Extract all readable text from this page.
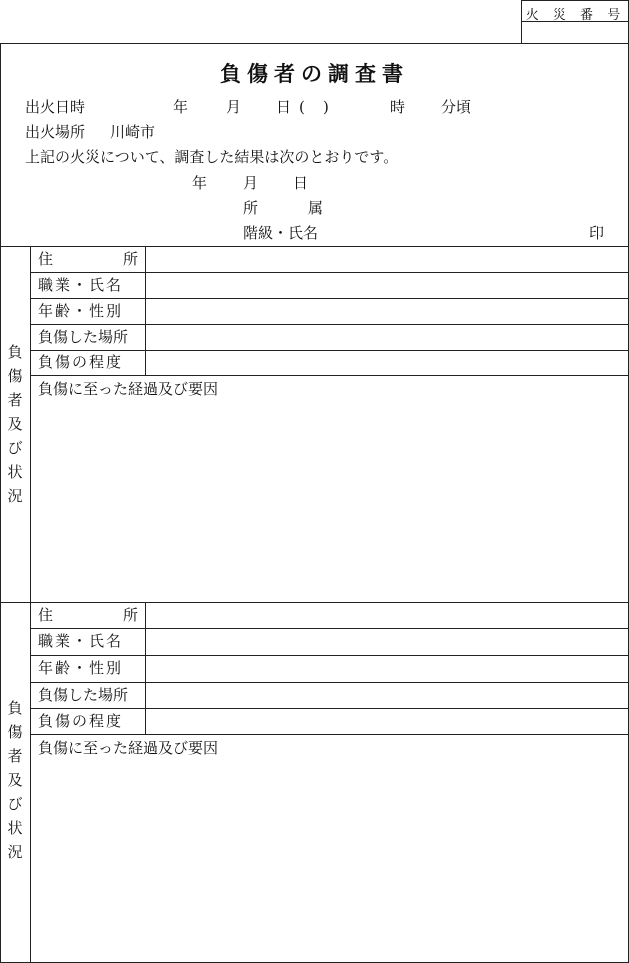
火 災 番 号
負傷者の調査書
出火日時	年	月 日 ( )	時 分頃
出火場所 川崎市
上記の火災について、調査した結果は次のとおりです。
年 月 日
所	属
階級・氏名	印
負
傷
者
及
び
状
況
住	所
職業・氏名
年齢・性別
負傷した場所
負傷の程度
負傷に至った経過及び要因
負
傷
者
及
び
状
況
住	所
職業・氏名
年齢・性別
負傷した場所
負傷の程度
負傷に至った経過及び要因
